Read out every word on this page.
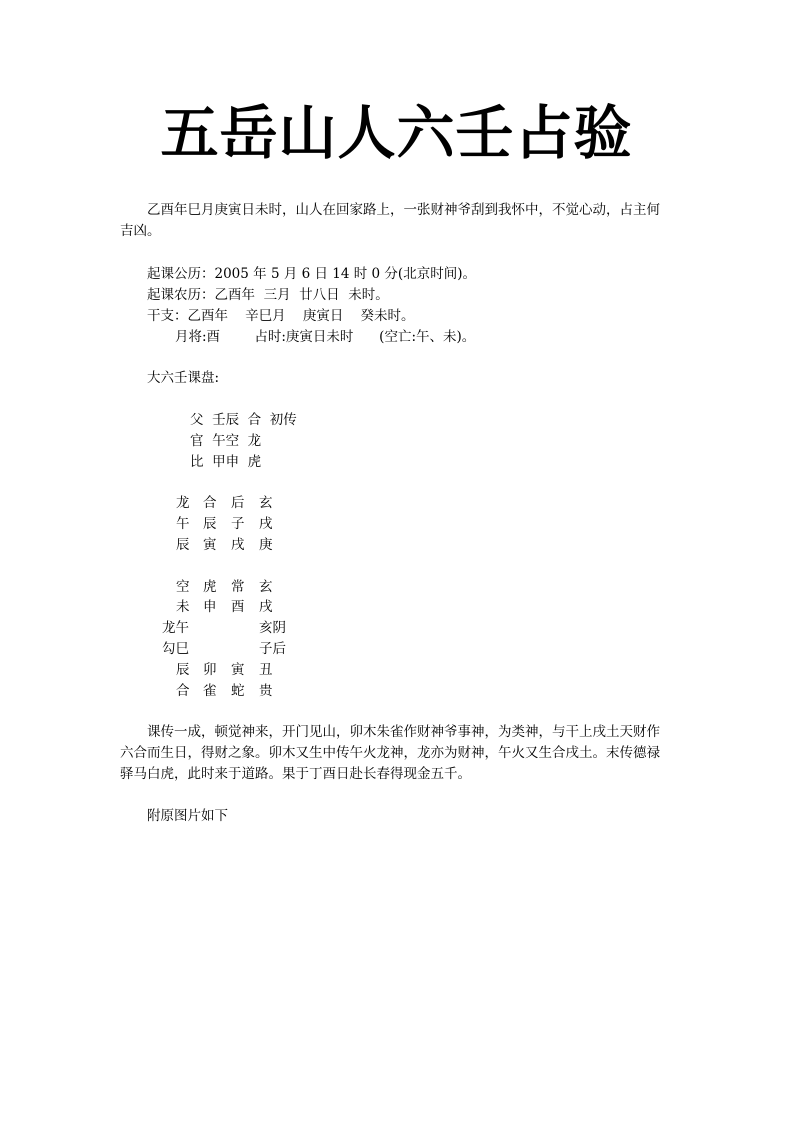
五岳山人六壬占验

乙酉年巳月庚寅日未时，山人在回家路上，一张财神爷刮到我怀中，不觉心动，占主何吉凶。

起课公历：2005 年 5 月 6 日 14 时 0 分(北京时间)。

起课农历：乙酉年  三月  廿八日  未时。

干支：乙酉年    辛巳月    庚寅日    癸未时。

月将:酉        占时:庚寅日未时      (空亡:午、未)。

大六壬课盘:

父  壬辰  合  初传

官  午空  龙

比  甲申  虎

龙 合 后 玄
午 辰 子 戌
辰 寅 戌 庚
空 虎 常 玄
未 申 酉 戌
龙午	亥阴
勾巳	子后
辰 卯 寅 丑
合 雀 蛇 贵

课传一成，顿觉神来，开门见山，卯木朱雀作财神爷事神，为类神，与干上戌土天财作六合而生日，得财之象。卯木又生中传午火龙神，龙亦为财神，午火又生合戌土。末传德禄驿马白虎，此时来于道路。果于丁酉日赴长春得现金五千。

附原图片如下
